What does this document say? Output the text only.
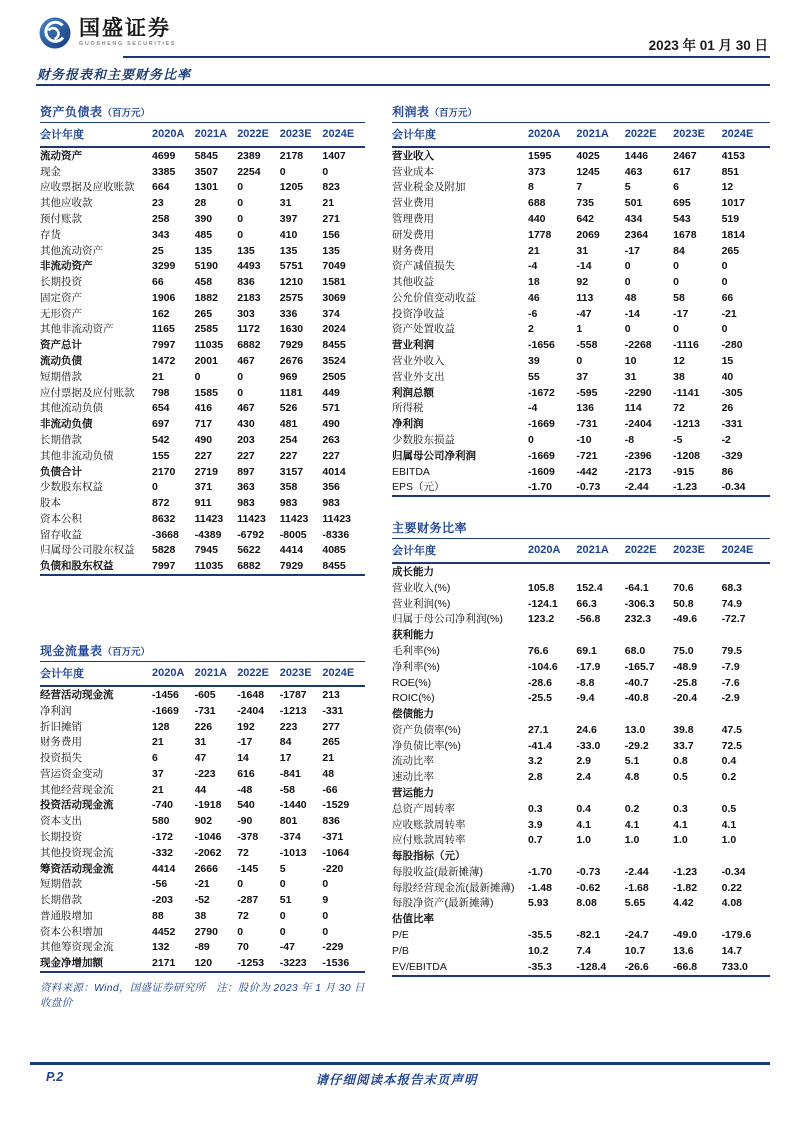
国盛证券
GUOSHENG SECURITIES	2023 年 01 月 30 日
财务报表和主要财务比率
资产负债表（百万元）
会计年度	2020A	2021A	2022E	2023E	2024E
流动资产	4699	5845	2389	2178	1407
现金	3385	3507	2254	0	0
应收票据及应收账款	664	1301	0	1205	823
其他应收款	23	28	0	31	21
预付账款	258	390	0	397	271
存货	343	485	0	410	156
其他流动资产	25	135	135	135	135
非流动资产	3299	5190	4493	5751	7049
长期投资	66	458	836	1210	1581
固定资产	1906	1882	2183	2575	3069
无形资产	162	265	303	336	374
其他非流动资产	1165	2585	1172	1630	2024
资产总计	7997	11035	6882	7929	8455
流动负债	1472	2001	467	2676	3524
短期借款	21	0	0	969	2505
应付票据及应付账款	798	1585	0	1181	449
其他流动负债	654	416	467	526	571
非流动负债	697	717	430	481	490
长期借款	542	490	203	254	263
其他非流动负债	155	227	227	227	227
负债合计	2170	2719	897	3157	4014
少数股东权益	0	371	363	358	356
股本	872	911	983	983	983
资本公积	8632	11423	11423	11423	11423
留存收益	-3668	-4389	-6792	-8005	-8336
归属母公司股东权益	5828	7945	5622	4414	4085
负债和股东权益	7997	11035	6882	7929	8455
现金流量表（百万元）
会计年度	2020A	2021A	2022E	2023E	2024E
经营活动现金流	-1456	-605	-1648	-1787	213
净利润	-1669	-731	-2404	-1213	-331
折旧摊销	128	226	192	223	277
财务费用	21	31	-17	84	265
投资损失	6	47	14	17	21
营运资金变动	37	-223	616	-841	48
其他经营现金流	21	44	-48	-58	-66
投资活动现金流	-740	-1918	540	-1440	-1529
资本支出	580	902	-90	801	836
长期投资	-172	-1046	-378	-374	-371
其他投资现金流	-332	-2062	72	-1013	-1064
筹资活动现金流	4414	2666	-145	5	-220
短期借款	-56	-21	0	0	0
长期借款	-203	-52	-287	51	9
普通股增加	88	38	72	0	0
资本公积增加	4452	2790	0	0	0
其他筹资现金流	132	-89	70	-47	-229
现金净增加额	2171	120	-1253	-3223	-1536
资料来源：Wind，国盛证券研究所　注：股价为 2023 年 1 月 30 日收盘价
利润表（百万元）
会计年度	2020A	2021A	2022E	2023E	2024E
营业收入	1595	4025	1446	2467	4153
营业成本	373	1245	463	617	851
营业税金及附加	8	7	5	6	12
营业费用	688	735	501	695	1017
管理费用	440	642	434	543	519
研发费用	1778	2069	2364	1678	1814
财务费用	21	31	-17	84	265
资产减值损失	-4	-14	0	0	0
其他收益	18	92	0	0	0
公允价值变动收益	46	113	48	58	66
投资净收益	-6	-47	-14	-17	-21
资产处置收益	2	1	0	0	0
营业利润	-1656	-558	-2268	-1116	-280
营业外收入	39	0	10	12	15
营业外支出	55	37	31	38	40
利润总额	-1672	-595	-2290	-1141	-305
所得税	-4	136	114	72	26
净利润	-1669	-731	-2404	-1213	-331
少数股东损益	0	-10	-8	-5	-2
归属母公司净利润	-1669	-721	-2396	-1208	-329
EBITDA	-1609	-442	-2173	-915	86
EPS（元）	-1.70	-0.73	-2.44	-1.23	-0.34
主要财务比率
会计年度	2020A	2021A	2022E	2023E	2024E
成长能力					
营业收入(%)	105.8	152.4	-64.1	70.6	68.3
营业利润(%)	-124.1	66.3	-306.3	50.8	74.9
归属于母公司净利润(%)	123.2	-56.8	232.3	-49.6	-72.7
获利能力					
毛利率(%)	76.6	69.1	68.0	75.0	79.5
净利率(%)	-104.6	-17.9	-165.7	-48.9	-7.9
ROE(%)	-28.6	-8.8	-40.7	-25.8	-7.6
ROIC(%)	-25.5	-9.4	-40.8	-20.4	-2.9
偿债能力					
资产负债率(%)	27.1	24.6	13.0	39.8	47.5
净负债比率(%)	-41.4	-33.0	-29.2	33.7	72.5
流动比率	3.2	2.9	5.1	0.8	0.4
速动比率	2.8	2.4	4.8	0.5	0.2
营运能力					
总资产周转率	0.3	0.4	0.2	0.3	0.5
应收账款周转率	3.9	4.1	4.1	4.1	4.1
应付账款周转率	0.7	1.0	1.0	1.0	1.0
每股指标（元）					
每股收益(最新摊薄)	-1.70	-0.73	-2.44	-1.23	-0.34
每股经营现金流(最新摊薄)	-1.48	-0.62	-1.68	-1.82	0.22
每股净资产(最新摊薄)	5.93	8.08	5.65	4.42	4.08
估值比率					
P/E	-35.5	-82.1	-24.7	-49.0	-179.6
P/B	10.2	7.4	10.7	13.6	14.7
EV/EBITDA	-35.3	-128.4	-26.6	-66.8	733.0
P.2	请仔细阅读本报告末页声明
